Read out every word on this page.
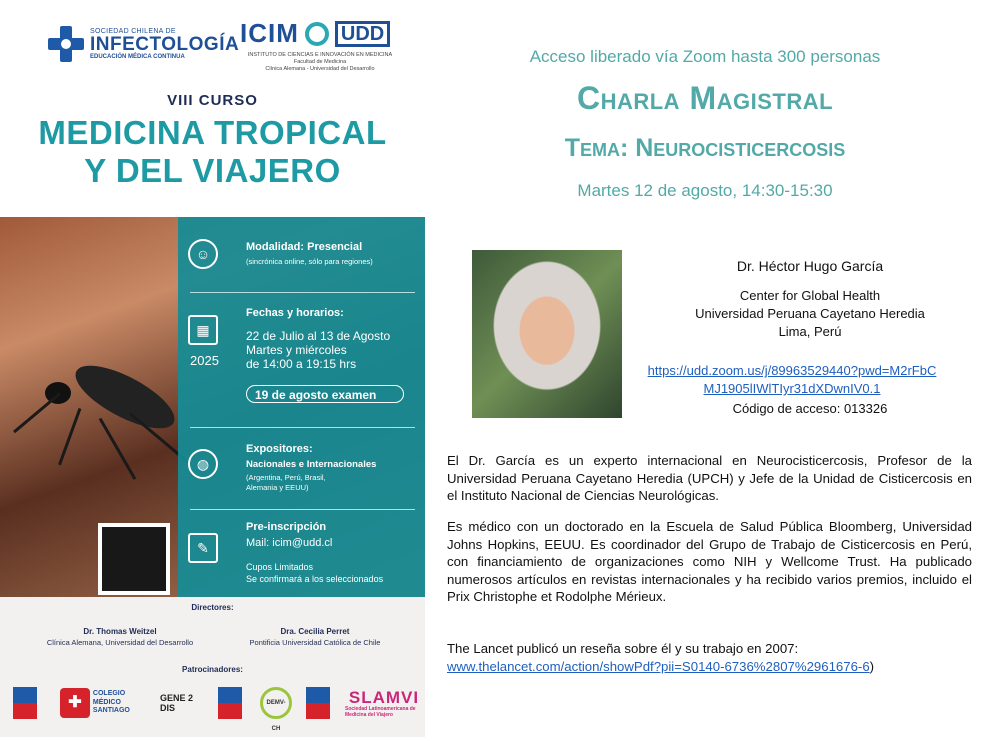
SOCIEDAD CHILENA DE
INFECTOLOGÍA
EDUCACIÓN MÉDICA CONTINUA
ICIM	UDD
INSTITUTO DE CIENCIAS E INNOVACIÓN EN MEDICINA
Facultad de Medicina
Clínica Alemana - Universidad del Desarrollo
VIII CURSO
MEDICINA TROPICAL
Y DEL VIAJERO
☺	Modalidad: Presencial
(sincrónica online, sólo para regiones)
▦
2025
Fechas y horarios:
22 de Julio al 13 de Agosto
Martes y miércoles
de 14:00 a 19:15 hrs
19 de agosto examen
◍
Expositores:
Nacionales e Internacionales
(Argentina, Perú, Brasil,
Alemania y EEUU)
✎
Pre-inscripción
Mail: icim@udd.cl
Cupos Limitados
Se confirmará a los seleccionados
Directores:
Dr. Thomas Weitzel
Clínica Alemana, Universidad del Desarrollo
Dra. Cecilia Perret
Pontificia Universidad Católica de Chile
Patrocinadores:
✚
COLEGIO MÉDICO
SANTIAGO
GENE 2 DIS	DEMV-CH
SLAMVI
Sociedad Latinoamericana de Medicina del Viajero
Acceso liberado vía Zoom hasta 300 personas
Charla Magistral
Tema: Neurocisticercosis
Martes 12 de agosto, 14:30-15:30
Dr. Héctor Hugo García
Center for Global Health
Universidad Peruana Cayetano Heredia
Lima, Perú
https://udd.zoom.us/j/89963529440?pwd=M2rFbCMJ1905lIWlTIyr31dXDwnIV0.1
Código de acceso: 013326
El Dr. García es un experto internacional en Neurocisticercosis, Profesor de la Universidad Peruana Cayetano Heredia (UPCH) y Jefe de la Unidad de Cisticercosis en el Instituto Nacional de Ciencias Neurológicas.
Es médico con un doctorado en la Escuela de Salud Pública Bloomberg, Universidad Johns Hopkins, EEUU. Es coordinador del Grupo de Trabajo de Cisticercosis en Perú, con financiamiento de organizaciones como NIH y Wellcome Trust. Ha publicado numerosos artículos en revistas internacionales y ha recibido varios premios, incluido el Prix Christophe et Rodolphe Mérieux.
The Lancet publicó un reseña sobre él y su trabajo en 2007:
www.thelancet.com/action/showPdf?pii=S0140-6736%2807%2961676-6)
